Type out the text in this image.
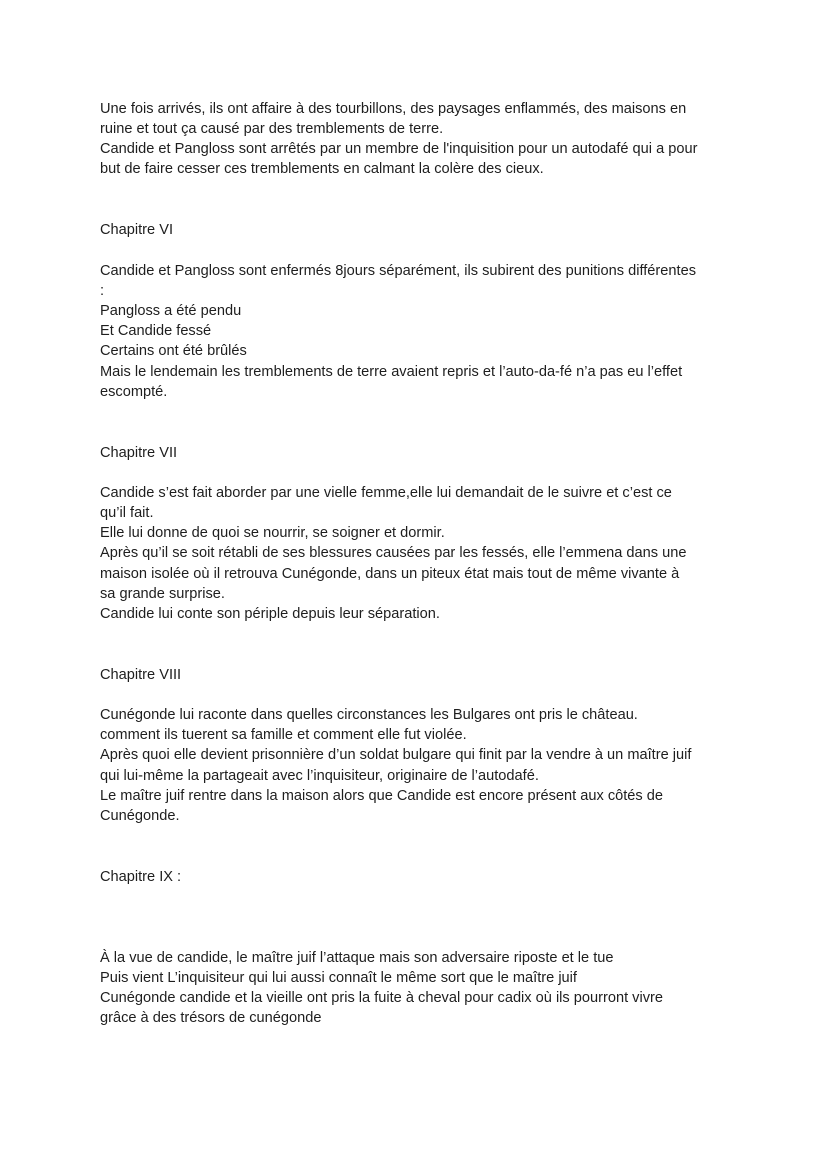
Une fois arrivés, ils ont affaire à des tourbillons, des paysages enflammés, des maisons en

ruine et tout ça causé par des tremblements de terre.

Candide et Pangloss sont arrêtés par un membre de l'inquisition pour un autodafé qui a pour

but de faire cesser ces tremblements en calmant la colère des cieux.

Chapitre VI

Candide et Pangloss sont enfermés 8jours séparément, ils subirent des punitions différentes

:

Pangloss a été pendu

Et Candide fessé

Certains ont été brûlés

Mais le lendemain les tremblements de terre avaient repris et l’auto-da-fé n’a pas eu l’effet

escompté.

Chapitre VII

Candide s’est fait aborder par une vielle femme,elle lui demandait de le suivre et c’est ce

qu’il fait.

Elle lui donne de quoi se nourrir, se soigner et dormir.

Après qu’il se soit rétabli de ses blessures causées par les fessés, elle l’emmena dans une

maison isolée où il retrouva Cunégonde, dans un piteux état mais tout de même vivante à

sa grande surprise.

Candide lui conte son périple depuis leur séparation.

Chapitre VIII

Cunégonde lui raconte dans quelles circonstances les Bulgares ont pris le château.

comment ils tuerent sa famille et comment elle fut violée.

Après quoi elle devient prisonnière d’un soldat bulgare qui finit par la vendre à un maître juif

qui lui-même la partageait avec l’inquisiteur, originaire de l’autodafé.

Le maître juif rentre dans la maison alors que Candide est encore présent aux côtés de

Cunégonde.

Chapitre IX :

À la vue de candide, le maître juif l’attaque mais son adversaire riposte et le tue

Puis vient L’inquisiteur qui lui aussi connaît le même sort que le maître juif

Cunégonde candide et la vieille ont pris la fuite à cheval pour cadix où ils pourront vivre

grâce à des trésors de cunégonde
